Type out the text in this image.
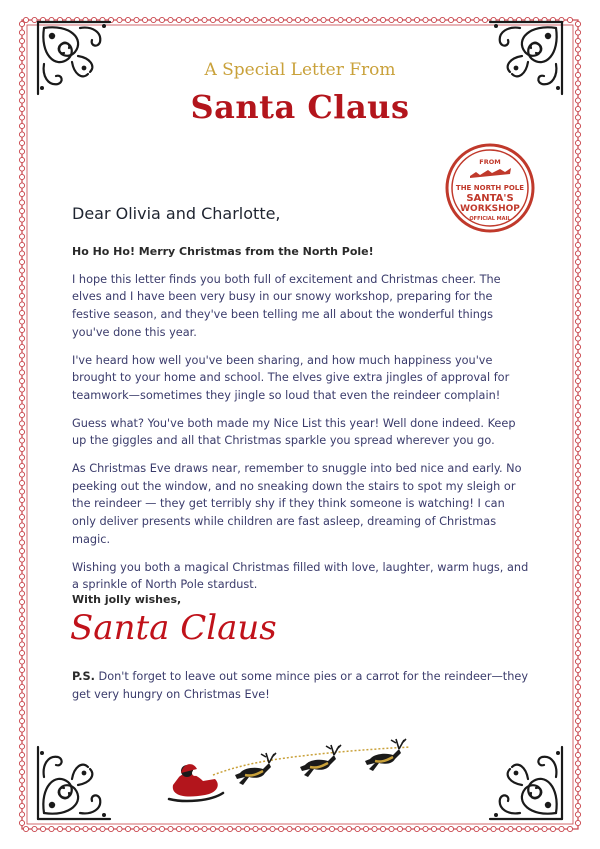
A Special Letter From
Santa Claus
FROM
THE NORTH POLE
SANTA'S
WORKSHOP
OFFICIAL MAIL
Dear Olivia and Charlotte,

Ho Ho Ho! Merry Christmas from the North Pole!

I hope this letter finds you both full of excitement and Christmas cheer. The elves and I have been very busy in our snowy workshop, preparing for the festive season, and they've been telling me all about the wonderful things you've done this year.

I've heard how well you've been sharing, and how much happiness you've brought to your home and school. The elves give extra jingles of approval for teamwork—sometimes they jingle so loud that even the reindeer complain!

Guess what? You've both made my Nice List this year! Well done indeed. Keep up the giggles and all that Christmas sparkle you spread wherever you go.

As Christmas Eve draws near, remember to snuggle into bed nice and early. No peeking out the window, and no sneaking down the stairs to spot my sleigh or the reindeer — they get terribly shy if they think someone is watching! I can only deliver presents while children are fast asleep, dreaming of Christmas magic.

Wishing you both a magical Christmas filled with love, laughter, warm hugs, and a sprinkle of North Pole stardust.

With jolly wishes,
Santa Claus
P.S. Don't forget to leave out some mince pies or a carrot for the reindeer—they get very hungry on Christmas Eve!
